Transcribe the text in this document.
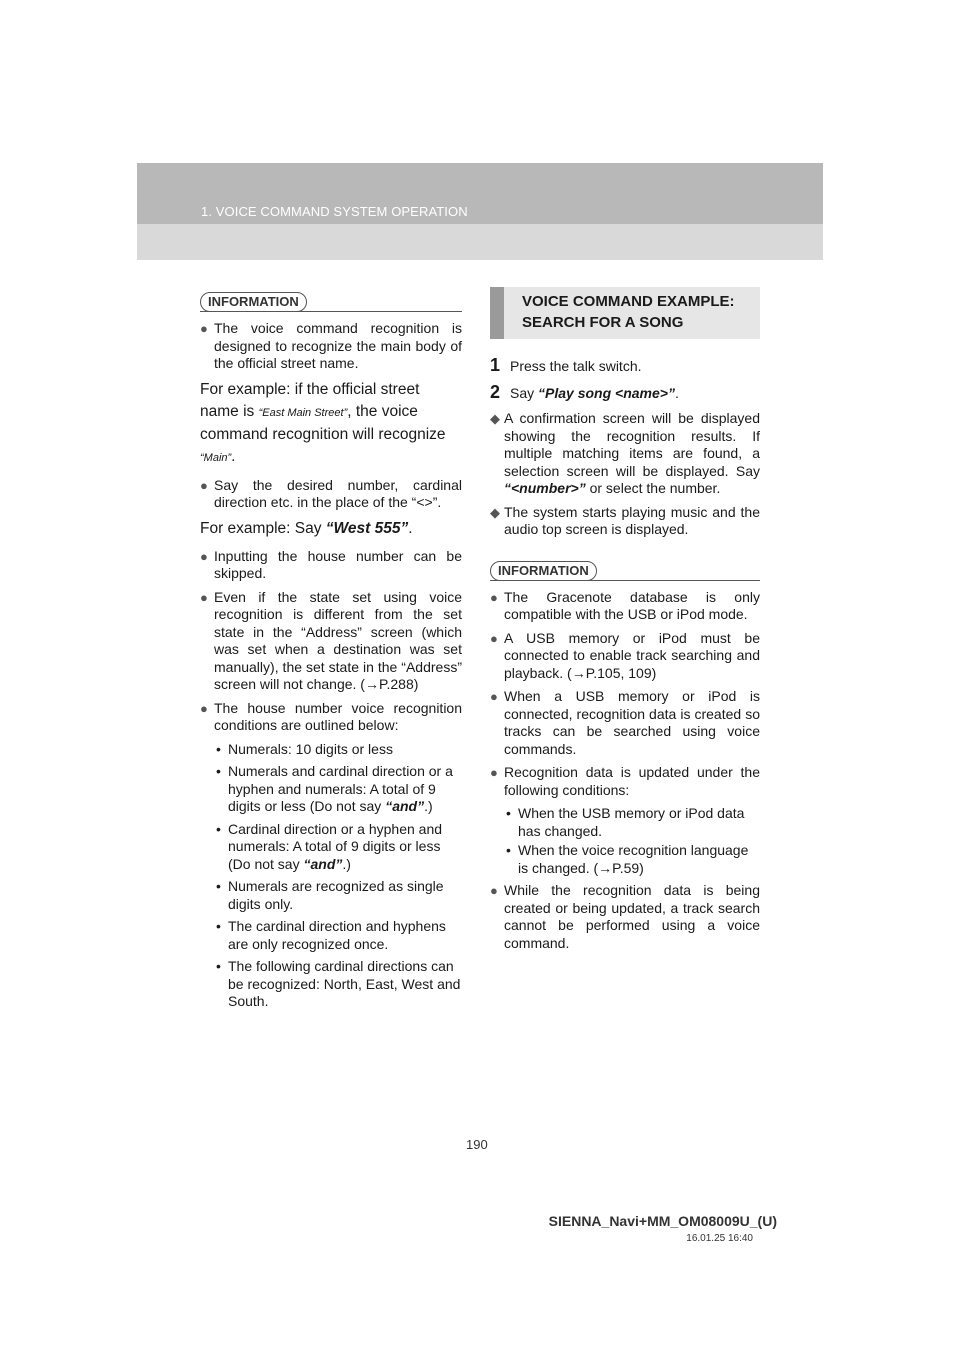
1. VOICE COMMAND SYSTEM OPERATION
INFORMATION
● The voice command recognition is designed to recognize the main body of the official street name.
For example: if the official street name is “East Main Street”, the voice command recognition will recognize “Main”.
● Say the desired number, cardinal direction etc. in the place of the “<>”.
For example: Say “West 555”.
● Inputting the house number can be skipped.
● Even if the state set using voice recognition is different from the set state in the “Address” screen (which was set when a destination was set manually), the set state in the “Address” screen will not change. (→P.288)
● The house number voice recognition conditions are outlined below:
• Numerals: 10 digits or less
• Numerals and cardinal direction or a hyphen and numerals: A total of 9 digits or less (Do not say “and”.)
• Cardinal direction or a hyphen and numerals: A total of 9 digits or less (Do not say “and”.)
• Numerals are recognized as single digits only.
• The cardinal direction and hyphens are only recognized once.
• The following cardinal directions can be recognized: North, East, West and South.
VOICE COMMAND EXAMPLE: SEARCH FOR A SONG
1 Press the talk switch.
2 Say “Play song <name>”.
◆ A confirmation screen will be displayed showing the recognition results. If multiple matching items are found, a selection screen will be displayed. Say “<number>” or select the number.
◆ The system starts playing music and the audio top screen is displayed.
INFORMATION
● The Gracenote database is only compatible with the USB or iPod mode.
● A USB memory or iPod must be connected to enable track searching and playback. (→P.105, 109)
● When a USB memory or iPod is connected, recognition data is created so tracks can be searched using voice commands.
● Recognition data is updated under the following conditions:
• When the USB memory or iPod data has changed.
• When the voice recognition language is changed. (→P.59)
● While the recognition data is being created or being updated, a track search cannot be performed using a voice command.
190
SIENNA_Navi+MM_OM08009U_(U)
16.01.25 16:40
